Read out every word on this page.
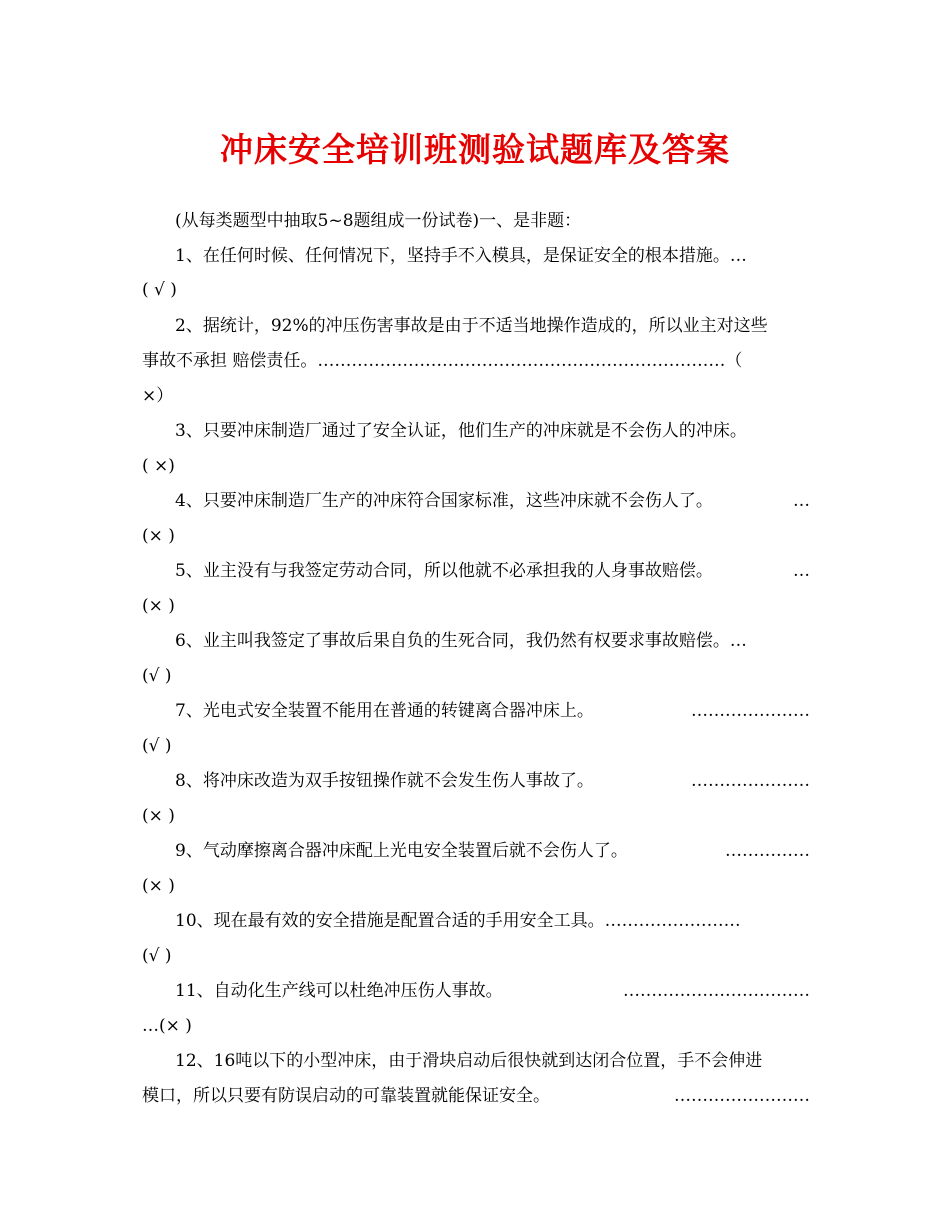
冲床安全培训班测验试题库及答案
(从每类题型中抽取5~8题组成一份试卷)一、是非题：
1、在任何时候、任何情况下，坚持手不入模具，是保证安全的根本措施。…
( √ )
2、据统计，92%的冲压伤害事故是由于不适当地操作造成的，所以业主对这些
事故不承担 赔偿责任。………………………………………………………………（
×）
3、只要冲床制造厂通过了安全认证，他们生产的冲床就是不会伤人的冲床。
( ×)
4、只要冲床制造厂生产的冲床符合国家标准，这些冲床就不会伤人了。	…
(× )
5、业主没有与我签定劳动合同，所以他就不必承担我的人身事故赔偿。	…
(× )
6、业主叫我签定了事故后果自负的生死合同，我仍然有权要求事故赔偿。…
(√ )
7、光电式安全装置不能用在普通的转键离合器冲床上。	…………………
(√ )
8、将冲床改造为双手按钮操作就不会发生伤人事故了。	…………………
(× )
9、气动摩擦离合器冲床配上光电安全装置后就不会伤人了。	……………
(× )
10、现在最有效的安全措施是配置合适的手用安全工具。……………………
(√ )
11、自动化生产线可以杜绝冲压伤人事故。	……………………………
…(× )
12、16吨以下的小型冲床，由于滑块启动后很快就到达闭合位置，手不会伸进
模口，所以只要有防误启动的可靠装置就能保证安全。	……………………
